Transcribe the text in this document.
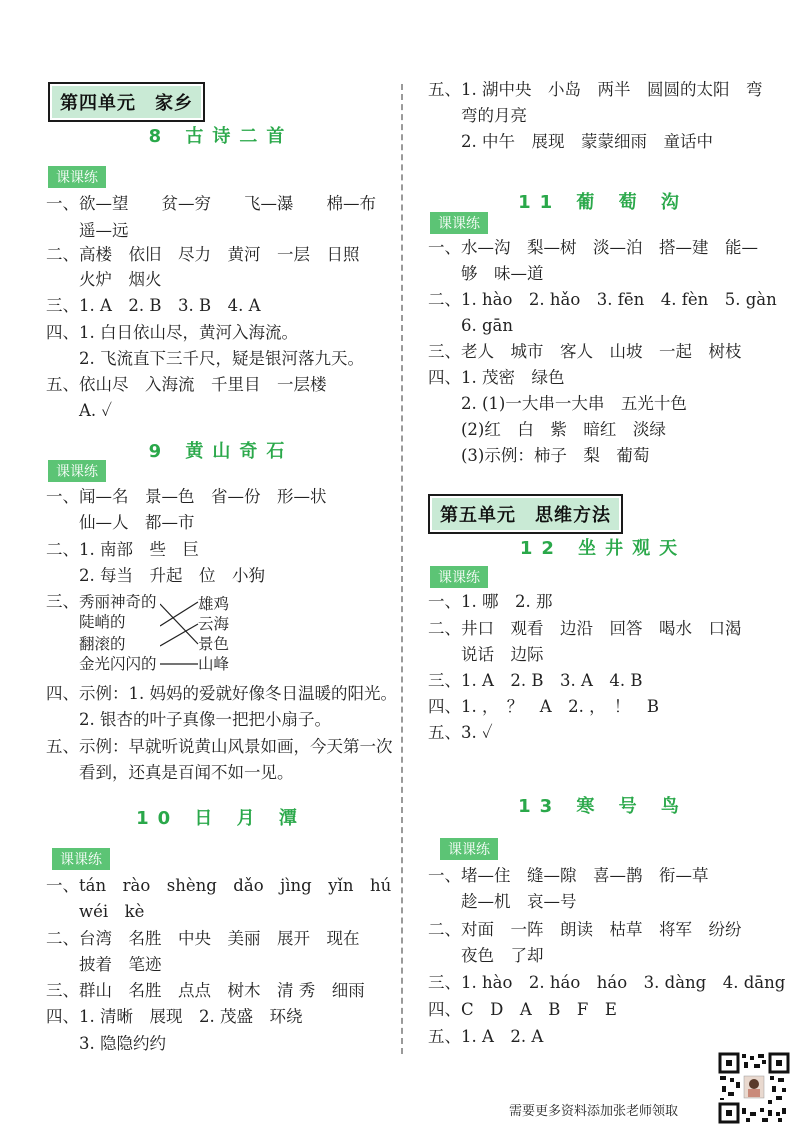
第四单元　家乡
8 古诗二首
课课练
一、欲—望　　贫—穷　　飞—瀑　　棉—布
　　遥—远
二、高楼　依旧　尽力　黄河　一层　日照
　　火炉　烟火
三、1. A　2. B　3. B　4. A
四、1. 白日依山尽，黄河入海流。
　　2. 飞流直下三千尺，疑是银河落九天。
五、依山尽　入海流　千里目　一层楼
　　A. ✓
9 黄山奇石
课课练
一、闻—名　景—色　省—份　形—状
　　仙—人　都—市
二、1. 南部　些　巨
　　2. 每当　升起　位　小狗
三、 秀丽神奇的
陡峭的
翻滚的
金光闪闪的
雄鸡
云海
景色
山峰
四、示例：1. 妈妈的爱就好像冬日温暖的阳光。
　　2. 银杏的叶子真像一把把小扇子。
五、示例：早就听说黄山风景如画，今天第一次
　　看到，还真是百闻不如一见。
10 日 月 潭
课课练
一、tán　rào　shèng　dǎo　jìng　yǐn　hú
　　wéi　kè
二、台湾　名胜　中央　美丽　展开　现在
　　披着　笔迹
三、群山　名胜　点点　树木　清 秀　细雨
四、1. 清晰　展现　2. 茂盛　环绕
　　3. 隐隐约约
五、1. 湖中央　小岛　两半　圆圆的太阳　弯
　　弯的月亮
　　2. 中午　展现　蒙蒙细雨　童话中
11 葡 萄 沟
课课练
一、水—沟　梨—树　淡—泊　搭—建　能—
　　够　味—道
二、1. hào　2. hǎo　3. fēn　4. fèn　5. gàn
　　6. gān
三、老人　城市　客人　山坡　一起　树枝
四、1. 茂密　绿色
　　2. (1)一大串一大串　五光十色
　　(2)红　白　紫　暗红　淡绿
　　(3)示例：柿子　梨　葡萄
第五单元　思维方法
12 坐井观天
课课练
一、1. 哪　2. 那
二、井口　观看　边沿　回答　喝水　口渴
　　说话　边际
三、1. A　2. B　3. A　4. B
四、1. ，　？　A　2. ，　！　B
五、3. ✓
13 寒 号 鸟
课课练
一、堵—住　缝—隙　喜—鹊　衔—草
　　趁—机　哀—号
二、对面　一阵　朗读　枯草　将军　纷纷
　　夜色　了却
三、1. hào　2. háo　háo　3. dàng　4. dāng
四、C　D　A　B　F　E
五、1. A　2. A
需要更多资料添加张老师领取
